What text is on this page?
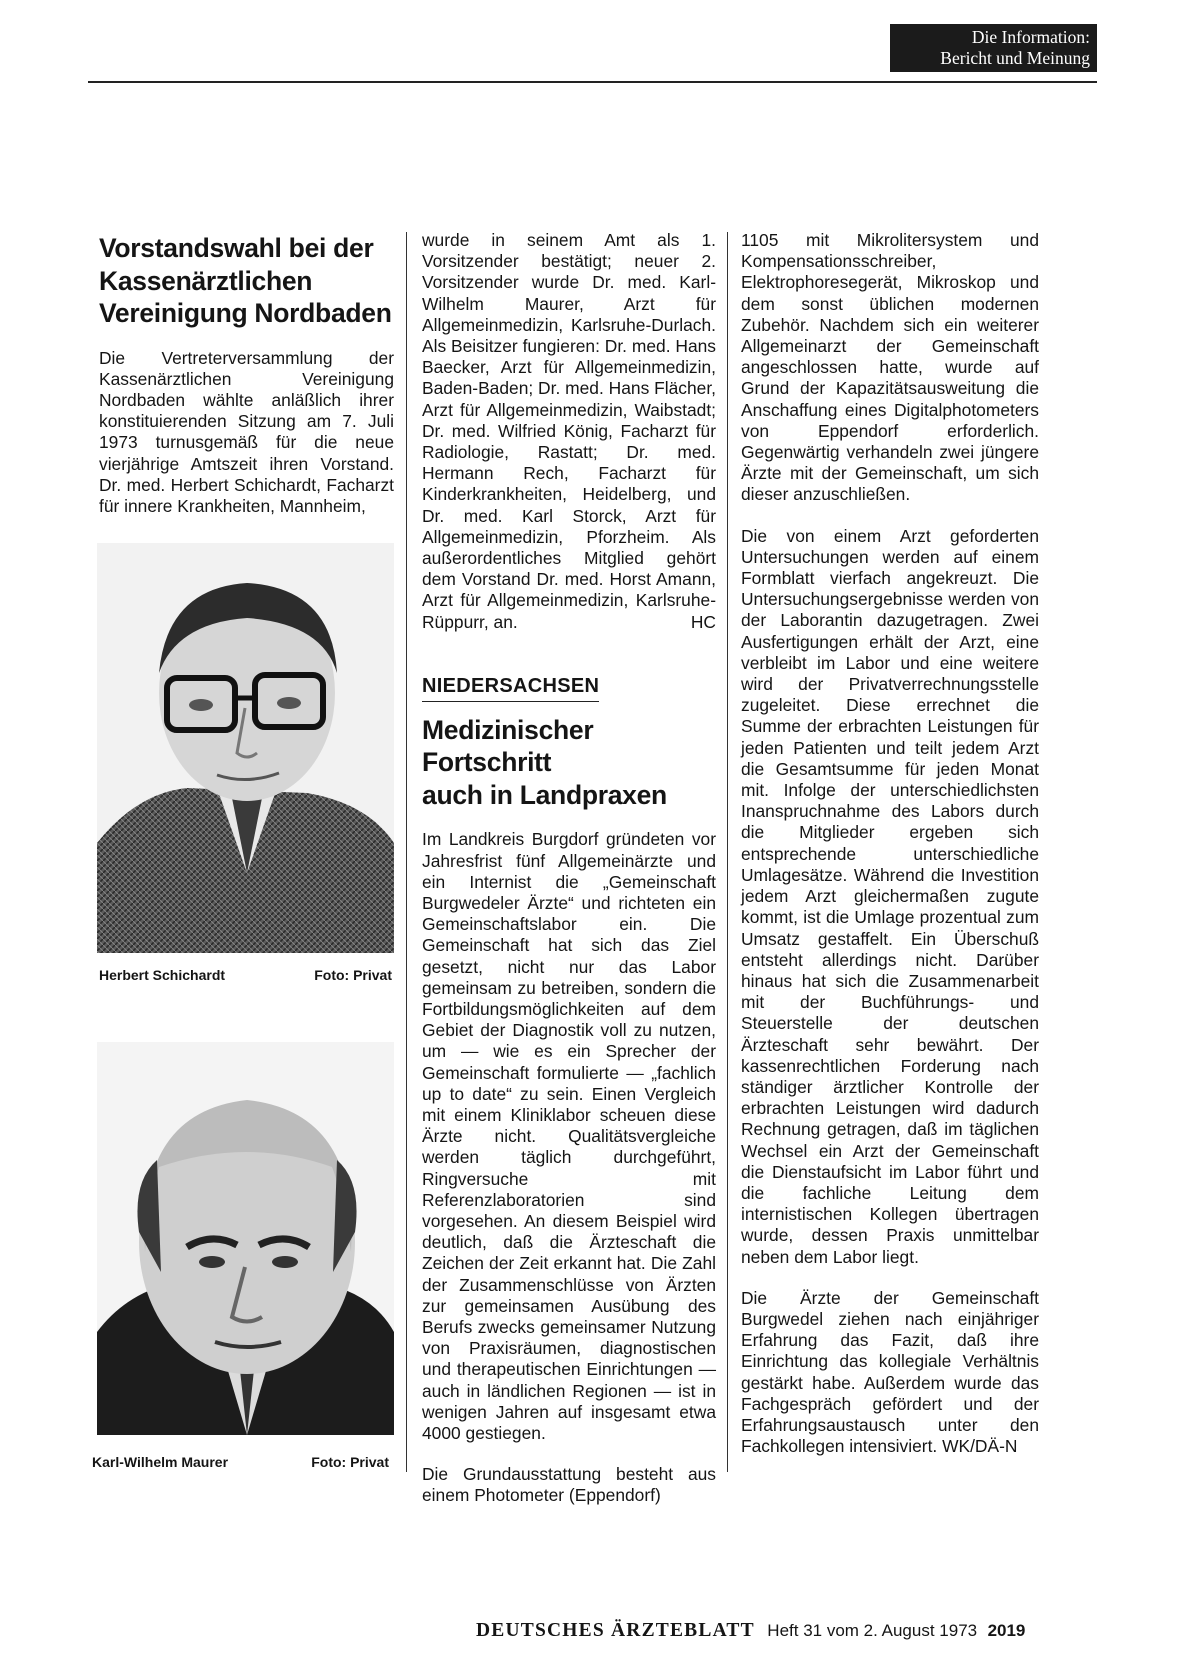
Die Information:
Bericht und Meinung
Vorstandswahl bei der
Kassenärztlichen
Vereinigung Nordbaden

Die Vertreterversammlung der Kassenärztlichen Vereinigung Nordbaden wählte anläßlich ihrer konstituierenden Sitzung am 7. Juli 1973 turnusgemäß für die neue vierjährige Amtszeit ihren Vorstand. Dr. med. Herbert Schichardt, Facharzt für innere Krankheiten, Mannheim,

Herbert Schichardt	Foto: Privat
Karl-Wilhelm Maurer	Foto: Privat

wurde in seinem Amt als 1. Vorsitzender bestätigt; neuer 2. Vorsitzender wurde Dr. med. Karl-Wilhelm Maurer, Arzt für Allgemeinmedizin, Karlsruhe-Durlach. Als Beisitzer fungieren: Dr. med. Hans Baecker, Arzt für Allgemeinmedizin, Baden-Baden; Dr. med. Hans Flächer, Arzt für Allgemeinmedizin, Waibstadt; Dr. med. Wilfried König, Facharzt für Radiologie, Rastatt; Dr. med. Hermann Rech, Facharzt für Kinderkrankheiten, Heidelberg, und Dr. med. Karl Storck, Arzt für Allgemeinmedizin, Pforzheim. Als außerordentliches Mitglied gehört dem Vorstand Dr. med. Horst Amann, Arzt für Allgemeinmedizin, Karlsruhe-Rüppurr, an.	HC

NIEDERSACHSEN
Medizinischer
Fortschritt
auch in Landpraxen

Im Landkreis Burgdorf gründeten vor Jahresfrist fünf Allgemeinärzte und ein Internist die „Gemeinschaft Burgwedeler Ärzte“ und richteten ein Gemeinschaftslabor ein. Die Gemeinschaft hat sich das Ziel gesetzt, nicht nur das Labor gemeinsam zu betreiben, sondern die Fortbildungsmöglichkeiten auf dem Gebiet der Diagnostik voll zu nutzen, um — wie es ein Sprecher der Gemeinschaft formulierte — „fachlich up to date“ zu sein. Einen Vergleich mit einem Kliniklabor scheuen diese Ärzte nicht. Qualitätsvergleiche werden täglich durchgeführt, Ringversuche mit Referenzlaboratorien sind vorgesehen. An diesem Beispiel wird deutlich, daß die Ärzteschaft die Zeichen der Zeit erkannt hat. Die Zahl der Zusammenschlüsse von Ärzten zur gemeinsamen Ausübung des Berufs zwecks gemeinsamer Nutzung von Praxisräumen, diagnostischen und therapeutischen Einrichtungen — auch in ländlichen Regionen — ist in wenigen Jahren auf insgesamt etwa 4000 gestiegen.

Die Grundausstattung besteht aus einem Photometer (Eppendorf)

1105 mit Mikrolitersystem und Kompensationsschreiber, Elektrophoresegerät, Mikroskop und dem sonst üblichen modernen Zubehör. Nachdem sich ein weiterer Allgemeinarzt der Gemeinschaft angeschlossen hatte, wurde auf Grund der Kapazitätsausweitung die Anschaffung eines Digitalphotometers von Eppendorf erforderlich. Gegenwärtig verhandeln zwei jüngere Ärzte mit der Gemeinschaft, um sich dieser anzuschließen.

Die von einem Arzt geforderten Untersuchungen werden auf einem Formblatt vierfach angekreuzt. Die Untersuchungsergebnisse werden von der Laborantin dazugetragen. Zwei Ausfertigungen erhält der Arzt, eine verbleibt im Labor und eine weitere wird der Privatverrechnungsstelle zugeleitet. Diese errechnet die Summe der erbrachten Leistungen für jeden Patienten und teilt jedem Arzt die Gesamtsumme für jeden Monat mit. Infolge der unterschiedlichsten Inanspruchnahme des Labors durch die Mitglieder ergeben sich entsprechende unterschiedliche Umlagesätze. Während die Investition jedem Arzt gleichermaßen zugute kommt, ist die Umlage prozentual zum Umsatz gestaffelt. Ein Überschuß entsteht allerdings nicht. Darüber hinaus hat sich die Zusammenarbeit mit der Buchführungs- und Steuerstelle der deutschen Ärzteschaft sehr bewährt. Der kassenrechtlichen Forderung nach ständiger ärztlicher Kontrolle der erbrachten Leistungen wird dadurch Rechnung getragen, daß im täglichen Wechsel ein Arzt der Gemeinschaft die Dienstaufsicht im Labor führt und die fachliche Leitung dem internistischen Kollegen übertragen wurde, dessen Praxis unmittelbar neben dem Labor liegt.

Die Ärzte der Gemeinschaft Burgwedel ziehen nach einjähriger Erfahrung das Fazit, daß ihre Einrichtung das kollegiale Verhältnis gestärkt habe. Außerdem wurde das Fachgespräch gefördert und der Erfahrungsaustausch unter den Fachkollegen intensiviert. WK/DÄ-N

DEUTSCHES ÄRZTEBLATT Heft 31 vom 2. August 1973 2019
